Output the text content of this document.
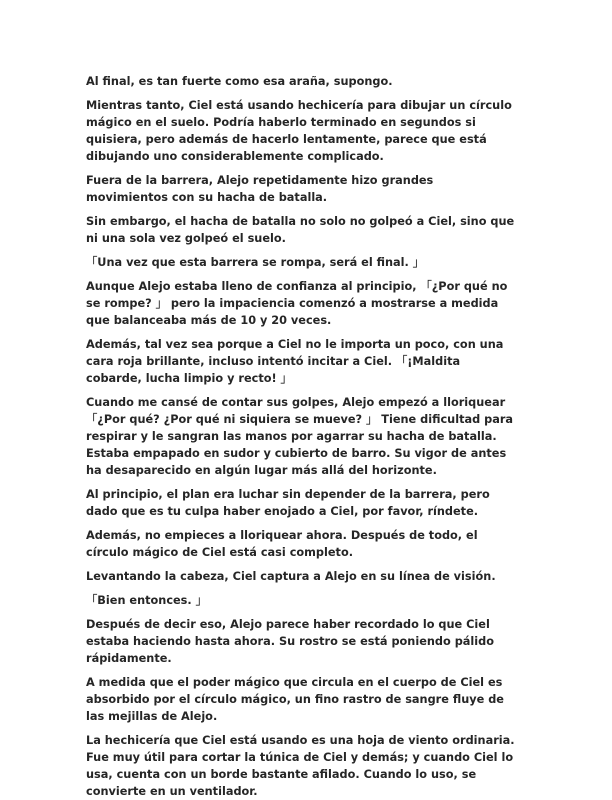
Al final, es tan fuerte como esa araña, supongo.

Mientras tanto, Ciel está usando hechicería para dibujar un círculo mágico en el suelo. Podría haberlo terminado en segundos si quisiera, pero además de hacerlo lentamente, parece que está dibujando uno considerablemente complicado.

Fuera de la barrera, Alejo repetidamente hizo grandes movimientos con su hacha de batalla.

Sin embargo, el hacha de batalla no solo no golpeó a Ciel, sino que ni una sola vez golpeó el suelo.

「Una vez que esta barrera se rompa, será el final. 」

Aunque Alejo estaba lleno de confianza al principio, 「¿Por qué no se rompe? 」 pero la impaciencia comenzó a mostrarse a medida que balanceaba más de 10 y 20 veces.

Además, tal vez sea porque a Ciel no le importa un poco, con una cara roja brillante, incluso intentó incitar a Ciel. 「¡Maldita cobarde, lucha limpio y recto! 」

Cuando me cansé de contar sus golpes, Alejo empezó a lloriquear「¿Por qué? ¿Por qué ni siquiera se mueve? 」 Tiene dificultad para respirar y le sangran las manos por agarrar su hacha de batalla. Estaba empapado en sudor y cubierto de barro. Su vigor de antes ha desaparecido en algún lugar más allá del horizonte.

Al principio, el plan era luchar sin depender de la barrera, pero dado que es tu culpa haber enojado a Ciel, por favor, ríndete.

Además, no empieces a lloriquear ahora. Después de todo, el círculo mágico de Ciel está casi completo.

Levantando la cabeza, Ciel captura a Alejo en su línea de visión.

「Bien entonces. 」

Después de decir eso, Alejo parece haber recordado lo que Ciel estaba haciendo hasta ahora. Su rostro se está poniendo pálido rápidamente.

A medida que el poder mágico que circula en el cuerpo de Ciel es absorbido por el círculo mágico, un fino rastro de sangre fluye de las mejillas de Alejo.

La hechicería que Ciel está usando es una hoja de viento ordinaria. Fue muy útil para cortar la túnica de Ciel y demás; y cuando Ciel lo usa, cuenta con un borde bastante afilado. Cuando lo uso, se convierte en un ventilador.
